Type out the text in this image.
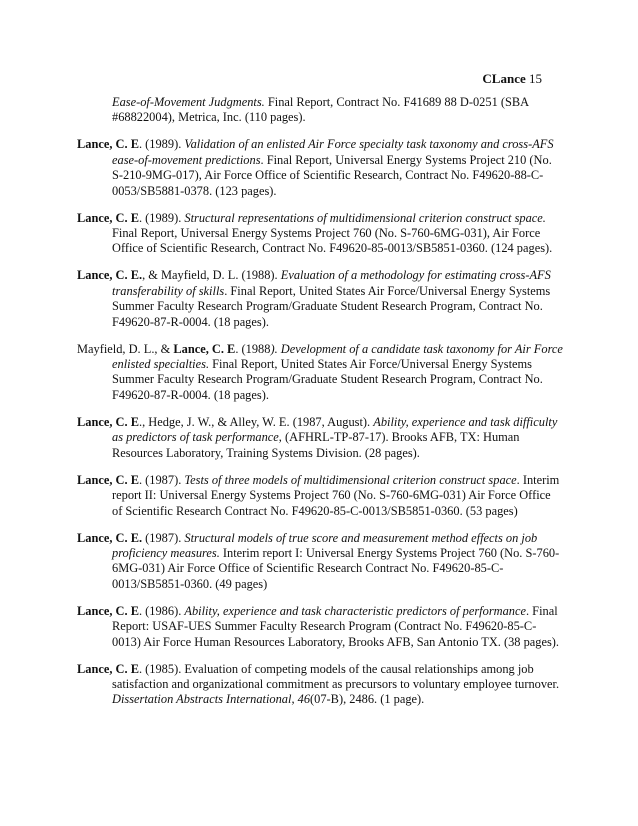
CLance 15
Ease-of-Movement Judgments. Final Report, Contract No. F41689 88 D-0251 (SBA #68822004), Metrica, Inc. (110 pages).
Lance, C. E. (1989). Validation of an enlisted Air Force specialty task taxonomy and cross-AFS ease-of-movement predictions. Final Report, Universal Energy Systems Project 210 (No. S-210-9MG-017), Air Force Office of Scientific Research, Contract No. F49620-88-C-0053/SB5881-0378. (123 pages).
Lance, C. E. (1989). Structural representations of multidimensional criterion construct space. Final Report, Universal Energy Systems Project 760 (No. S-760-6MG-031), Air Force Office of Scientific Research, Contract No. F49620-85-0013/SB5851-0360. (124 pages).
Lance, C. E., & Mayfield, D. L. (1988). Evaluation of a methodology for estimating cross-AFS transferability of skills. Final Report, United States Air Force/Universal Energy Systems Summer Faculty Research Program/Graduate Student Research Program, Contract No. F49620-87-R-0004. (18 pages).
Mayfield, D. L., & Lance, C. E. (1988). Development of a candidate task taxonomy for Air Force enlisted specialties. Final Report, United States Air Force/Universal Energy Systems Summer Faculty Research Program/Graduate Student Research Program, Contract No. F49620-87-R-0004. (18 pages).
Lance, C. E., Hedge, J. W., & Alley, W. E. (1987, August). Ability, experience and task difficulty as predictors of task performance, (AFHRL-TP-87-17). Brooks AFB, TX: Human Resources Laboratory, Training Systems Division. (28 pages).
Lance, C. E. (1987). Tests of three models of multidimensional criterion construct space. Interim report II: Universal Energy Systems Project 760 (No. S-760-6MG-031) Air Force Office of Scientific Research Contract No. F49620-85-C-0013/SB5851-0360. (53 pages)
Lance, C. E. (1987). Structural models of true score and measurement method effects on job proficiency measures. Interim report I: Universal Energy Systems Project 760 (No. S-760-6MG-031) Air Force Office of Scientific Research Contract No. F49620-85-C-0013/SB5851-0360. (49 pages)
Lance, C. E. (1986). Ability, experience and task characteristic predictors of performance. Final Report: USAF-UES Summer Faculty Research Program (Contract No. F49620-85-C-0013) Air Force Human Resources Laboratory, Brooks AFB, San Antonio TX. (38 pages).
Lance, C. E. (1985). Evaluation of competing models of the causal relationships among job satisfaction and organizational commitment as precursors to voluntary employee turnover. Dissertation Abstracts International, 46(07-B), 2486. (1 page).
